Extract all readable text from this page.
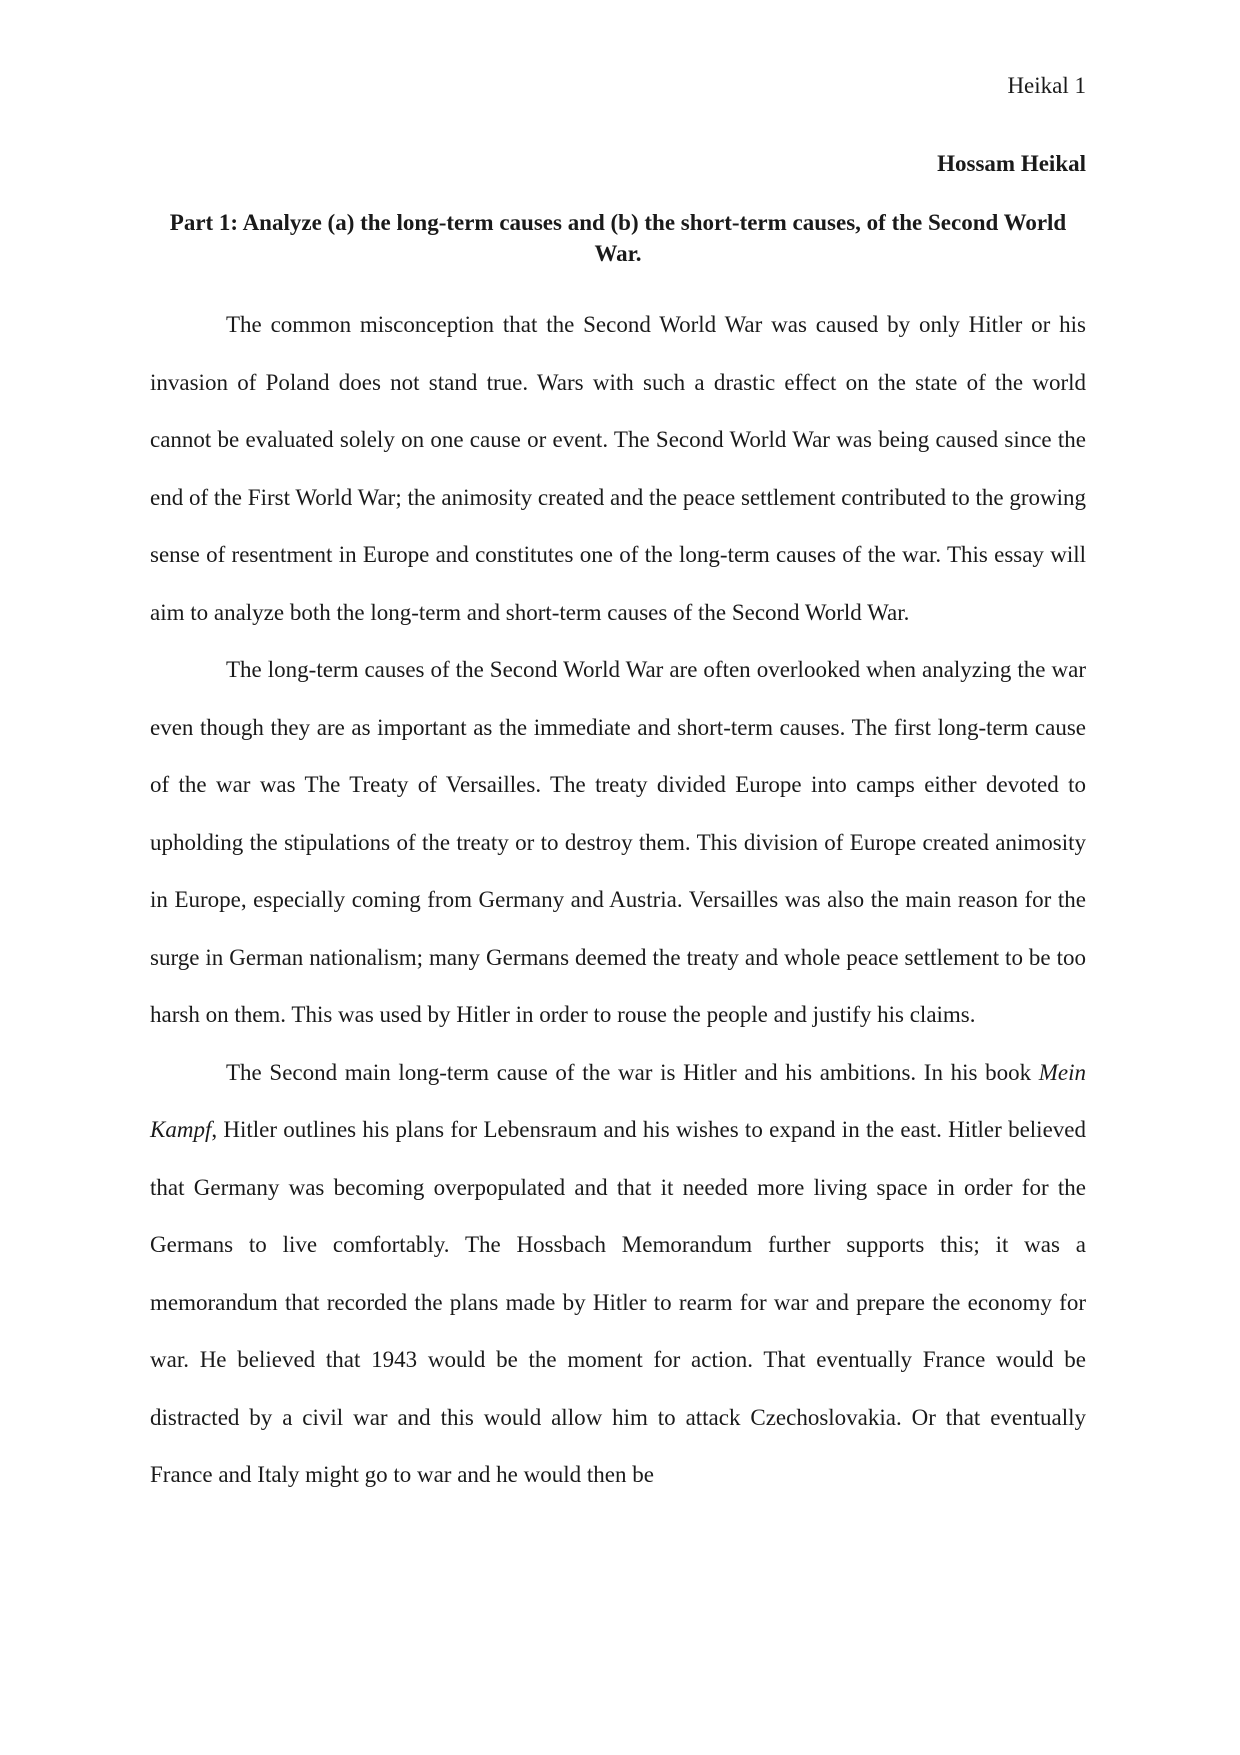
Heikal 1
Hossam Heikal
Part 1: Analyze (a) the long-term causes and (b) the short-term causes, of the Second World War.

The common misconception that the Second World War was caused by only Hitler or his invasion of Poland does not stand true. Wars with such a drastic effect on the state of the world cannot be evaluated solely on one cause or event. The Second World War was being caused since the end of the First World War; the animosity created and the peace settlement contributed to the growing sense of resentment in Europe and constitutes one of the long-term causes of the war. This essay will aim to analyze both the long-term and short-term causes of the Second World War.

The long-term causes of the Second World War are often overlooked when analyzing the war even though they are as important as the immediate and short-term causes. The first long-term cause of the war was The Treaty of Versailles. The treaty divided Europe into camps either devoted to upholding the stipulations of the treaty or to destroy them. This division of Europe created animosity in Europe, especially coming from Germany and Austria. Versailles was also the main reason for the surge in German nationalism; many Germans deemed the treaty and whole peace settlement to be too harsh on them. This was used by Hitler in order to rouse the people and justify his claims.

The Second main long-term cause of the war is Hitler and his ambitions. In his book Mein Kampf, Hitler outlines his plans for Lebensraum and his wishes to expand in the east. Hitler believed that Germany was becoming overpopulated and that it needed more living space in order for the Germans to live comfortably. The Hossbach Memorandum further supports this; it was a memorandum that recorded the plans made by Hitler to rearm for war and prepare the economy for war. He believed that 1943 would be the moment for action. That eventually France would be distracted by a civil war and this would allow him to attack Czechoslovakia. Or that eventually France and Italy might go to war and he would then be
